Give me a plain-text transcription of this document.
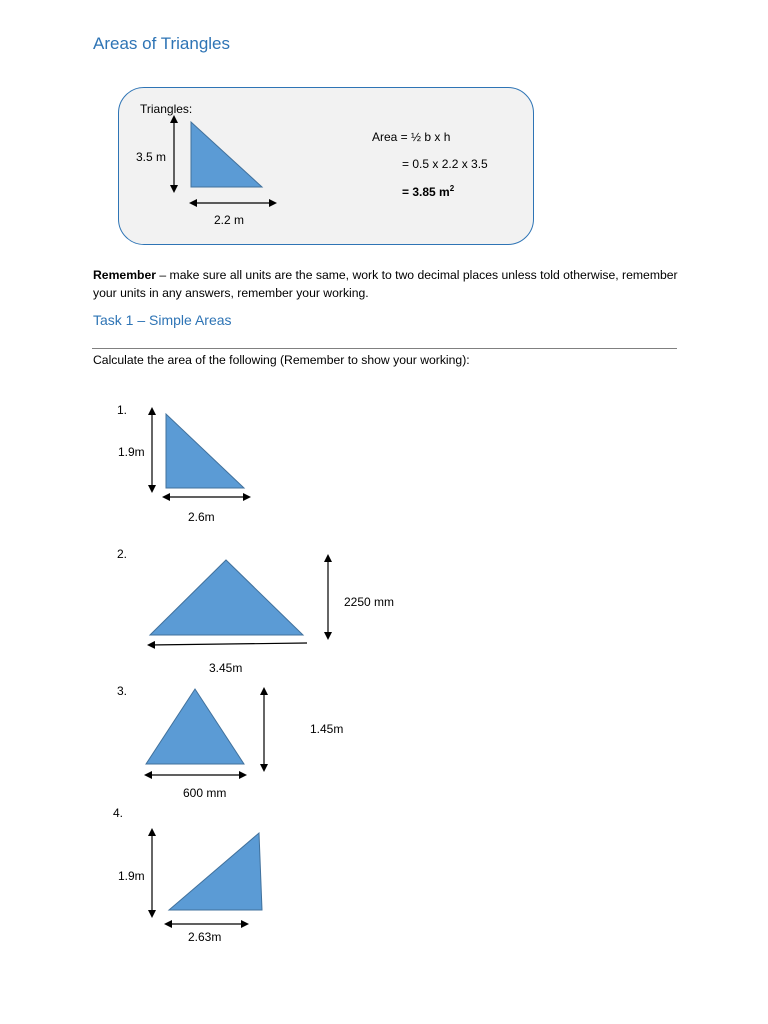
Areas of Triangles
Triangles:
3.5 m
2.2 m
Area = ½ b x h
= 0.5 x 2.2 x 3.5
= 3.85 $m^2$
Remember – make sure all units are the same, work to two decimal places unless told otherwise, remember your units in any answers, remember your working.
Task 1 – Simple Areas
Calculate the area of the following (Remember to show your working):
1.
1.9m
2.6m
2.
2250 mm
3.45m
3.
1.45m
600 mm
4.
1.9m
2.63m
